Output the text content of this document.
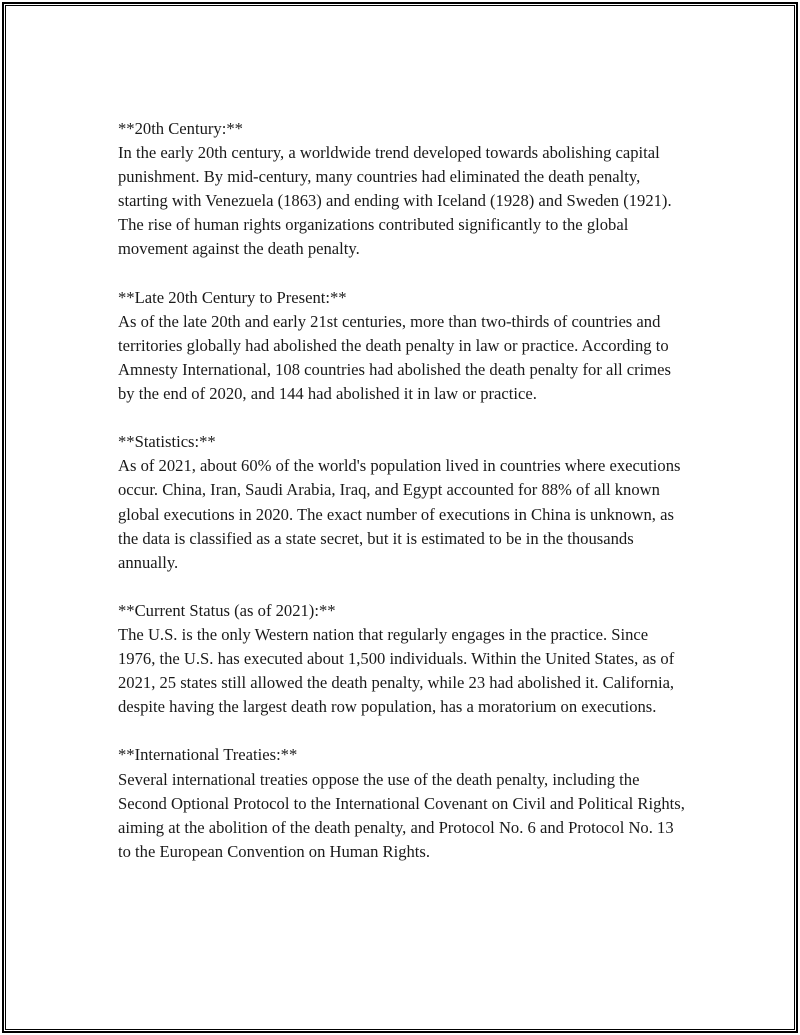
**20th Century:**

In the early 20th century, a worldwide trend developed towards abolishing capital punishment. By mid-century, many countries had eliminated the death penalty, starting with Venezuela (1863) and ending with Iceland (1928) and Sweden (1921). The rise of human rights organizations contributed significantly to the global movement against the death penalty.

**Late 20th Century to Present:**

As of the late 20th and early 21st centuries, more than two-thirds of countries and territories globally had abolished the death penalty in law or practice. According to Amnesty International, 108 countries had abolished the death penalty for all crimes by the end of 2020, and 144 had abolished it in law or practice.

**Statistics:**

As of 2021, about 60% of the world's population lived in countries where executions occur. China, Iran, Saudi Arabia, Iraq, and Egypt accounted for 88% of all known global executions in 2020. The exact number of executions in China is unknown, as the data is classified as a state secret, but it is estimated to be in the thousands annually.

**Current Status (as of 2021):**

The U.S. is the only Western nation that regularly engages in the practice. Since 1976, the U.S. has executed about 1,500 individuals. Within the United States, as of 2021, 25 states still allowed the death penalty, while 23 had abolished it. California, despite having the largest death row population, has a moratorium on executions.

**International Treaties:**

Several international treaties oppose the use of the death penalty, including the Second Optional Protocol to the International Covenant on Civil and Political Rights, aiming at the abolition of the death penalty, and Protocol No. 6 and Protocol No. 13 to the European Convention on Human Rights.
